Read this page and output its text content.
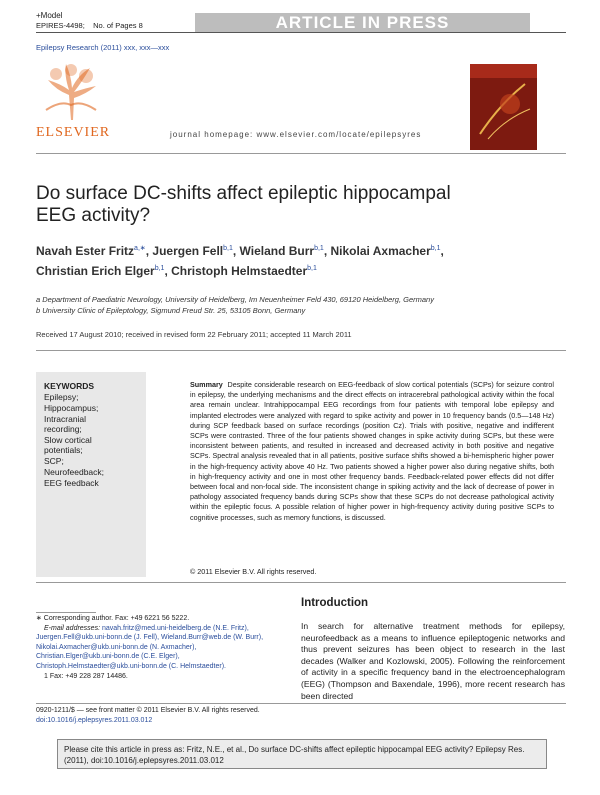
+Model
EPIRES-4498; No. of Pages 8	ARTICLE IN PRESS
Epilepsy Research (2011) xxx, xxx—xxx
ELSEVIER	journal homepage: www.elsevier.com/locate/epilepsyres
Do surface DC-shifts affect epileptic hippocampal
EEG activity?
Navah Ester Fritz$^{a,∗}$, Juergen Fell$^{b,1}$, Wieland Burr$^{b,1}$, Nikolai Axmacher$^{b,1}$,
Christian Erich Elger$^{b,1}$, Christoph Helmstaedter$^{b,1}$
a Department of Paediatric Neurology, University of Heidelberg, Im Neuenheimer Feld 430, 69120 Heidelberg, Germany
b University Clinic of Epileptology, Sigmund Freud Str. 25, 53105 Bonn, Germany
Received 17 August 2010; received in revised form 22 February 2011; accepted 11 March 2011
KEYWORDS
Epilepsy;
Hippocampus;
Intracranial
recording;
Slow cortical
potentials;
SCP;
Neurofeedback;
EEG feedback
Summary Despite considerable research on EEG-feedback of slow cortical potentials (SCPs) for seizure control in epilepsy, the underlying mechanisms and the direct effects on intracerebral pathological activity within the focal area remain unclear. Intrahippocampal EEG recordings from four patients with temporal lobe epilepsy and implanted electrodes were analyzed with regard to spike activity and power in 10 frequency bands (0.5—148 Hz) during SCP feedback based on surface recordings (position Cz). Trials with positive, negative and indifferent SCPs were contrasted. Three of the four patients showed changes in spike activity during SCPs, but these were inconsistent between patients, and resulted in increased and decreased activity in both positive and negative SCPs. Spectral analysis revealed that in all patients, positive surface shifts showed a bi-hemispheric higher power in the high-frequency activity above 40 Hz. Two patients showed a higher power also during negative shifts, both in high-frequency activity and one in most other frequency bands. Feedback-related power effects did not differ between focal and non-focal side. The inconsistent change in spiking activity and the lack of decrease of power in pathology associated frequency bands during SCPs show that these SCPs do not decrease pathological activity within the epileptic focus. A possible relation of higher power in high-frequency activity during positive SCPs to cognitive processes, such as memory functions, is discussed.
© 2011 Elsevier B.V. All rights reserved.
∗ Corresponding author. Fax: +49 6221 56 5222.
E-mail addresses: navah.fritz@med.uni-heidelberg.de (N.E. Fritz), Juergen.Fell@ukb.uni-bonn.de (J. Fell), Wieland.Burr@web.de (W. Burr), Nikolai.Axmacher@ukb.uni-bonn.de (N. Axmacher), Christian.Elger@ukb.uni-bonn.de (C.E. Elger), Christoph.Helmstaedter@ukb.uni-bonn.de (C. Helmstaedter).
1 Fax: +49 228 287 14486.
0920-1211/$ — see front matter © 2011 Elsevier B.V. All rights reserved.
doi:10.1016/j.eplepsyres.2011.03.012
Introduction
In search for alternative treatment methods for epilepsy, neurofeedback as a means to influence epileptogenic networks and thus prevent seizures has been object to research in the last decades (Walker and Kozlowski, 2005). Following the reinforcement of activity in a specific frequency band in the electroencephalogram (EEG) (Thompson and Baxendale, 1996), more recent research has been directed
Please cite this article in press as: Fritz, N.E., et al., Do surface DC-shifts affect epileptic hippocampal EEG activity? Epilepsy Res. (2011), doi:10.1016/j.eplepsyres.2011.03.012
